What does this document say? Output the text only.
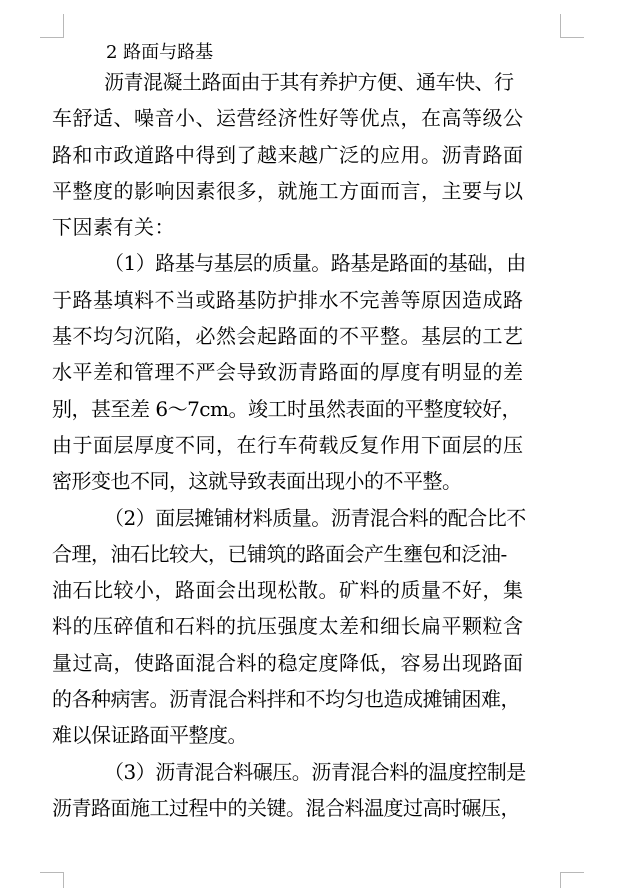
2 路面与路基
沥青混凝土路面由于其有养护方便、通车快、行
车舒适、噪音小、运营经济性好等优点，在高等级公
路和市政道路中得到了越来越广泛的应用。沥青路面
平整度的影响因素很多，就施工方面而言，主要与以
下因素有关：
（1）路基与基层的质量。路基是路面的基础，由
于路基填料不当或路基防护排水不完善等原因造成路
基不均匀沉陷，必然会起路面的不平整。基层的工艺
水平差和管理不严会导致沥青路面的厚度有明显的差
别，甚至差 6～7cm。竣工时虽然表面的平整度较好，
由于面层厚度不同，在行车荷载反复作用下面层的压
密形变也不同，这就导致表面出现小的不平整。
（2）面层摊铺材料质量。沥青混合料的配合比不
合理，油石比较大，已铺筑的路面会产生壅包和泛油-
油石比较小，路面会出现松散。矿料的质量不好，集
料的压碎值和石料的抗压强度太差和细长扁平颗粒含
量过高，使路面混合料的稳定度降低，容易出现路面
的各种病害。沥青混合料拌和不均匀也造成摊铺困难，
难以保证路面平整度。
（3）沥青混合料碾压。沥青混合料的温度控制是
沥青路面施工过程中的关键。混合料温度过高时碾压，
